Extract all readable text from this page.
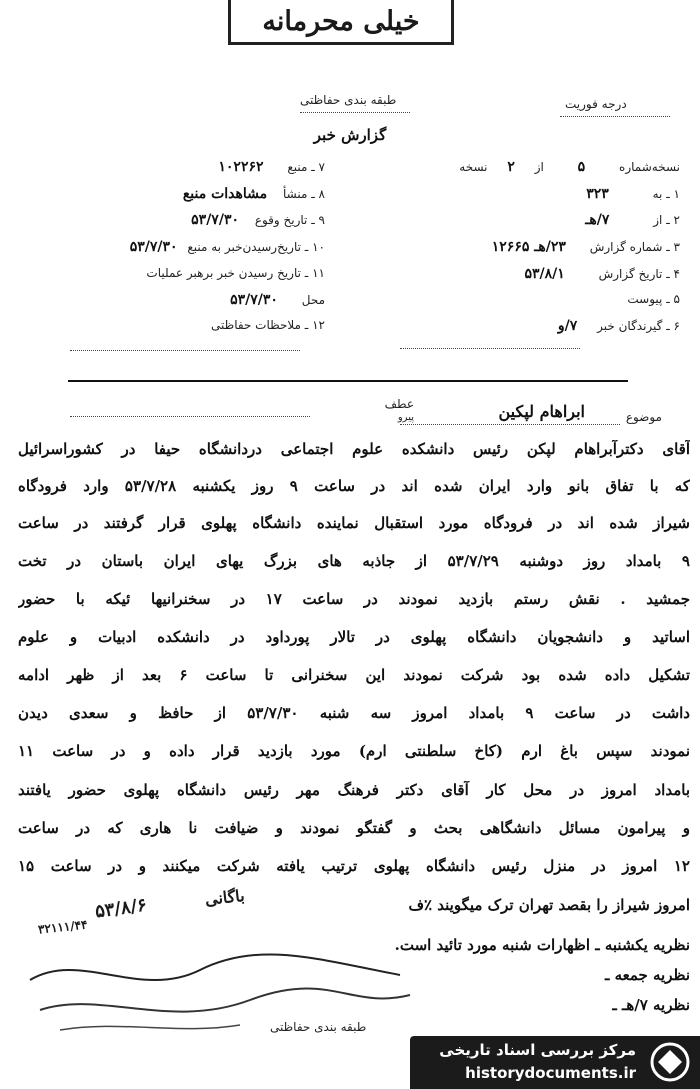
خیلی محرمانه
طبقه بندی حفاظتی	درجه فوریت
گزارش خبر
نسخه‌شماره ۵ از ۲ نسخه
۱ ـ به ۳۲۳
۲ ـ از ۷/هـ
۳ ـ شماره گزارش ۲۳/هـ ۱۲۶۶۵
۴ ـ تاریخ گزارش ۵۳/۸/۱
۵ ـ پیوست
۶ ـ گیرندگان خبر ۷/و
۷ ـ منبع ۱۰۲۲۶۲
۸ ـ منشأ مشاهدات منبع
۹ ـ تاریخ وقوع ۵۳/۷/۳۰
۱۰ ـ تاریخ‌رسیدن‌خبر به منبع ۵۳/۷/۳۰
۱۱ ـ تاریخ رسیدن خبر برهبر عملیات
محل ۵۳/۷/۳۰
۱۲ ـ ملاحظات حفاظتی
عطف
پیرو	موضوع
ابراهام لپکین
آقای دکترآبراهام لپکن رئیس دانشکده علوم اجتماعی دردانشگاه حیفا در کشوراسرائیل
که با تفاق بانو وارد ایران شده اند در ساعت ۹ روز یکشنبه ۵۳/۷/۲۸ وارد فرودگاه
شیراز شده اند در فرودگاه مورد استقبال نماینده دانشگاه پهلوی قرار گرفتند در ساعت
۹ بامداد روز دوشنبه ۵۳/۷/۲۹ از جاذبه های بزرگ یهای ایران باستان در تخت
جمشید . نقش رستم بازدید نمودند در ساعت ۱۷ در سخنرانیها ئیکه با حضور
اساتید و دانشجویان دانشگاه پهلوی در تالار پورداود در دانشکده ادبیات و علوم
تشکیل داده شده بود شرکت نمودند این سخنرانی تا ساعت ۶ بعد از ظهر ادامه
داشت در ساعت ۹ بامداد امروز سه شنبه ۵۳/۷/۳۰ از حافظ و سعدی دیدن
نمودند سپس باغ ارم (کاخ سلطنتی ارم) مورد بازدید قرار داده و در ساعت ۱۱
بامداد امروز در محل کار آقای دکتر فرهنگ مهر رئیس دانشگاه پهلوی حضور یافتند
و پیرامون مسائل دانشگاهی بحث و گفتگو نمودند و ضیافت نا هاری که در ساعت
۱۲ امروز در منزل رئیس دانشگاه پهلوی ترتیب یافته شرکت میکنند و در ساعت ۱۵
امروز شیراز را بقصد تهران ترک میگویند ٪ف
نظریه یکشنبه ـ اظهارات شنبه مورد تائید است.
نظریه جمعه ـ
نظریه ۷/هـ ـ
۵۳/۸/۶
۳۲۱۱۱/۴۴
باگانی
طبقه بندی حفاظتی
مرکز بررسی اسناد تاریخی
historydocuments.ir
